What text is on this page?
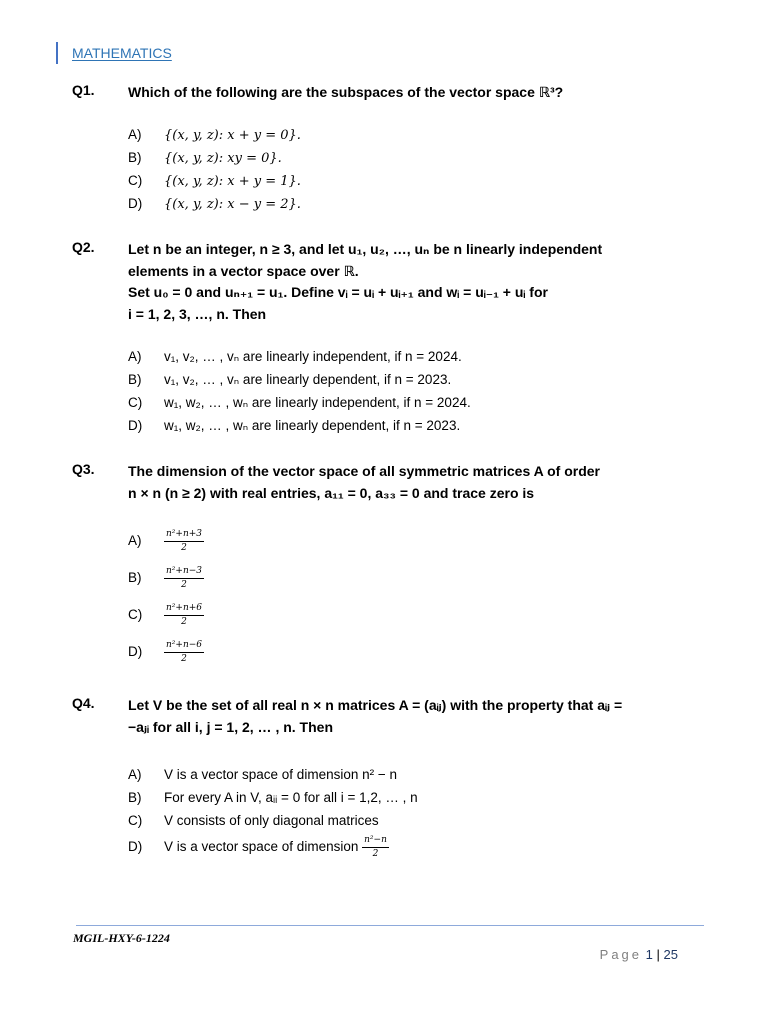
MATHEMATICS
Q1. Which of the following are the subspaces of the vector space ℝ³?
A) {(x, y, z): x + y = 0}.
B) {(x, y, z): xy = 0}.
C) {(x, y, z): x + y = 1}.
D) {(x, y, z): x − y = 2}.
Q2. Let n be an integer, n ≥ 3, and let u₁, u₂, …, uₙ be n linearly independent
elements in a vector space over ℝ.
Set u₀ = 0 and uₙ₊₁ = u₁. Define vᵢ = uᵢ + uᵢ₊₁ and wᵢ = uᵢ₋₁ + uᵢ for
i = 1, 2, 3, …, n. Then
A) v₁, v₂, … , vₙ are linearly independent, if n = 2024.
B) v₁, v₂, … , vₙ are linearly dependent, if n = 2023.
C) w₁, w₂, … , wₙ are linearly independent, if n = 2024.
D) w₁, w₂, … , wₙ are linearly dependent, if n = 2023.
Q3. The dimension of the vector space of all symmetric matrices A of order
n × n (n ≥ 2) with real entries, a₁₁ = 0, a₃₃ = 0 and trace zero is
A)	$\frac{\text{n²+n+3}}{2}$
B)	$\frac{\text{n²+n−3}}{2}$
$C) \frac{\text{n²+n+6}}{2}$
$D) \frac{\text{n²+n−6}}{2}$
Q4. Let V be the set of all real n × n matrices A = (aᵢⱼ) with the property that aᵢⱼ =
−aⱼᵢ for all i, j = 1, 2, … , n. Then
A) V is a vector space of dimension n² − n
B) For every A in V, aᵢᵢ = 0 for all i = 1,2, … , n
C) V consists of only diagonal matrices
D) V is a vector space of dimension $\frac{\text{n²−n}}{2}$
MGIL-HXY-6-1224
Page 1 | 25
